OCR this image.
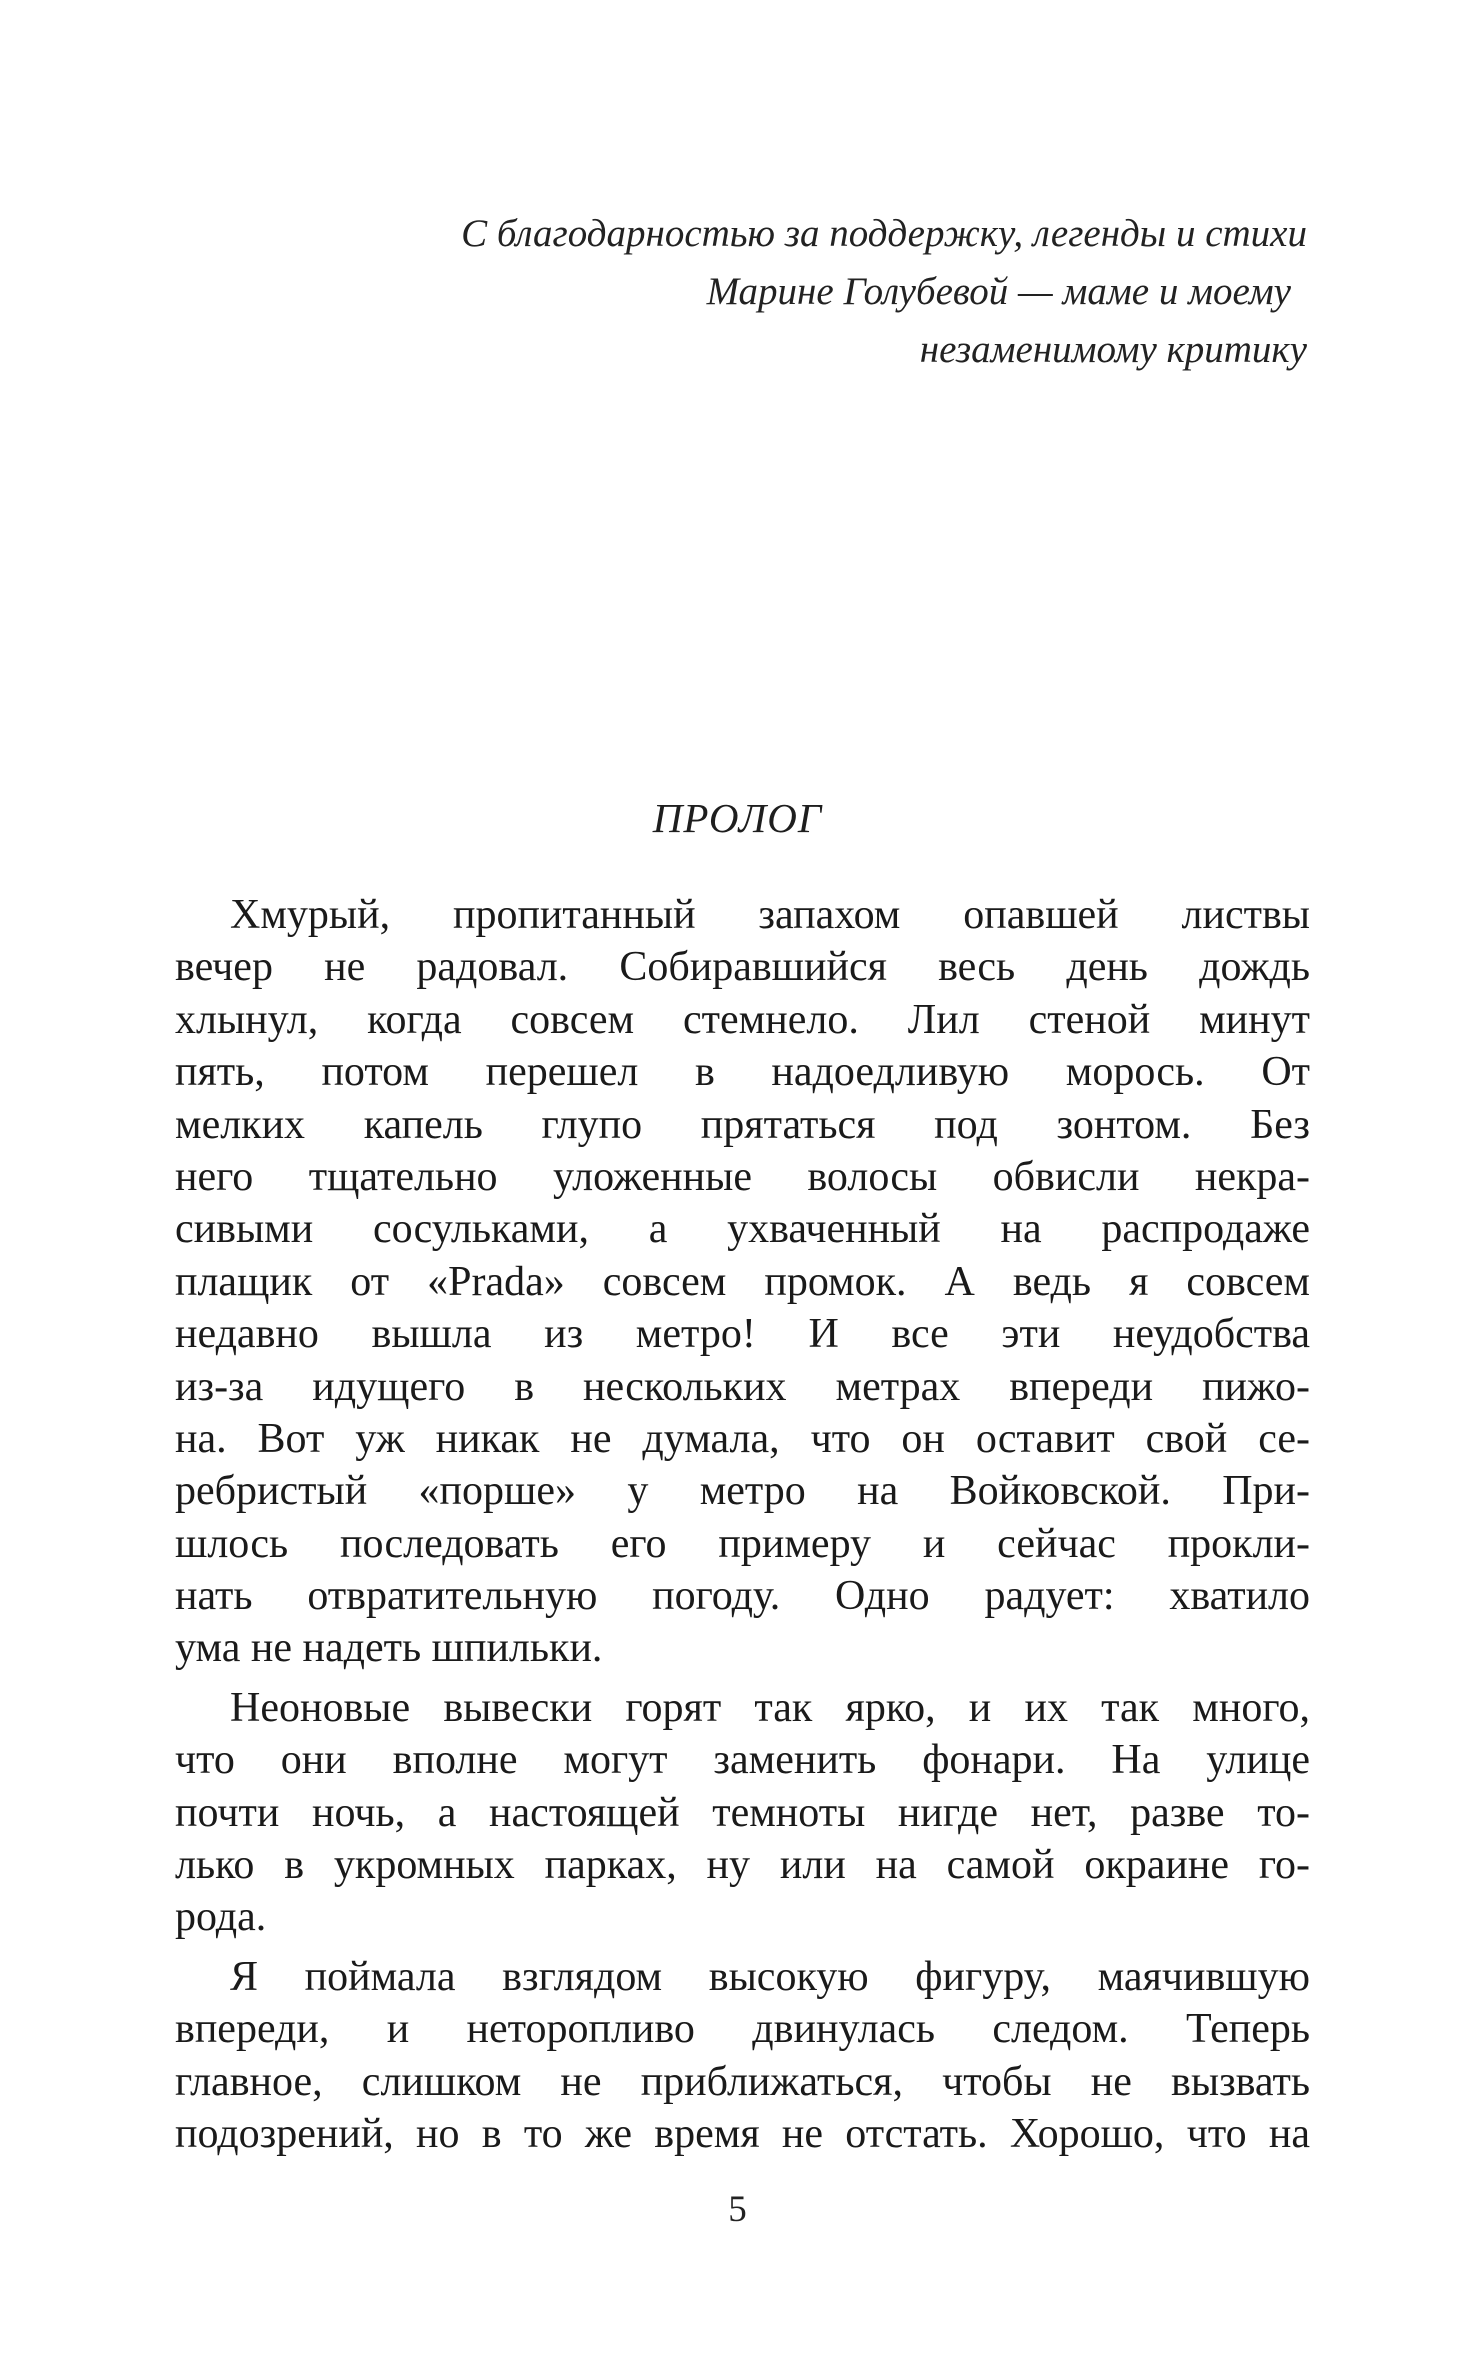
С благодарностью за поддержку, легенды и стихи
Марине Голубевой — маме и моему
незаменимому критику
ПРОЛОГ
Хмурый, пропитанный запахом опавшей листвы
вечер не радовал. Собиравшийся весь день дождь
хлынул, когда совсем стемнело. Лил стеной минут
пять, потом перешел в надоедливую морось. От
мелких капель глупо прятаться под зонтом. Без
него тщательно уложенные волосы обвисли некра-
сивыми сосульками, а ухваченный на распродаже
плащик от «Prada» совсем промок. А ведь я совсем
недавно вышла из метро! И все эти неудобства
из-за идущего в нескольких метрах впереди пижо-
на. Вот уж никак не думала, что он оставит свой се-
ребристый «порше» у метро на Войковской. При-
шлось последовать его примеру и сейчас прокли-
нать отвратительную погоду. Одно радует: хватило
ума не надеть шпильки.
Неоновые вывески горят так ярко, и их так много,
что они вполне могут заменить фонари. На улице
почти ночь, а настоящей темноты нигде нет, разве то-
лько в укромных парках, ну или на самой окраине го-
рода.
Я поймала взглядом высокую фигуру, маячившую
впереди, и неторопливо двинулась следом. Теперь
главное, слишком не приближаться, чтобы не вызвать
подозрений, но в то же время не отстать. Хорошо, что на
5
